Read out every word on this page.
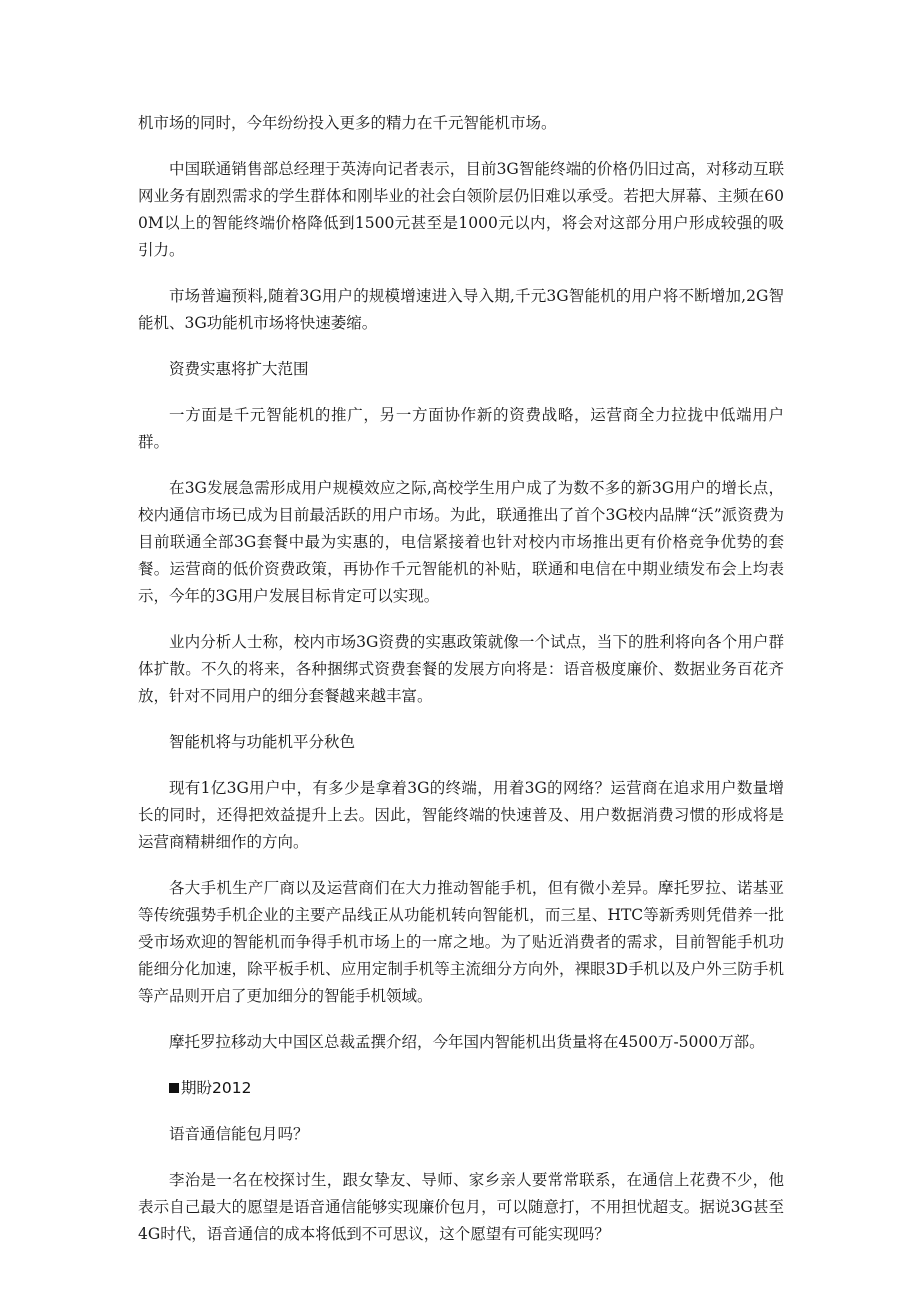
机市场的同时，今年纷纷投入更多的精力在千元智能机市场。

中国联通销售部总经理于英涛向记者表示，目前3G智能终端的价格仍旧过高，对移动互联网业务有剧烈需求的学生群体和刚毕业的社会白领阶层仍旧难以承受。若把大屏幕、主频在600M以上的智能终端价格降低到1500元甚至是1000元以内，将会对这部分用户形成较强的吸引力。

市场普遍预料,随着3G用户的规模增速进入导入期,千元3G智能机的用户将不断增加,2G智能机、3G功能机市场将快速萎缩。

资费实惠将扩大范围

一方面是千元智能机的推广，另一方面协作新的资费战略，运营商全力拉拢中低端用户群。

在3G发展急需形成用户规模效应之际,高校学生用户成了为数不多的新3G用户的增长点，校内通信市场已成为目前最活跃的用户市场。为此，联通推出了首个3G校内品牌“沃”派资费为目前联通全部3G套餐中最为实惠的，电信紧接着也针对校内市场推出更有价格竞争优势的套餐。运营商的低价资费政策，再协作千元智能机的补贴，联通和电信在中期业绩发布会上均表示，今年的3G用户发展目标肯定可以实现。

业内分析人士称，校内市场3G资费的实惠政策就像一个试点，当下的胜利将向各个用户群体扩散。不久的将来，各种捆绑式资费套餐的发展方向将是：语音极度廉价、数据业务百花齐放，针对不同用户的细分套餐越来越丰富。

智能机将与功能机平分秋色

现有1亿3G用户中，有多少是拿着3G的终端，用着3G的网络？运营商在追求用户数量增长的同时，还得把效益提升上去。因此，智能终端的快速普及、用户数据消费习惯的形成将是运营商精耕细作的方向。

各大手机生产厂商以及运营商们在大力推动智能手机，但有微小差异。摩托罗拉、诺基亚等传统强势手机企业的主要产品线正从功能机转向智能机，而三星、HTC等新秀则凭借养一批受市场欢迎的智能机而争得手机市场上的一席之地。为了贴近消费者的需求，目前智能手机功能细分化加速，除平板手机、应用定制手机等主流细分方向外，裸眼3D手机以及户外三防手机等产品则开启了更加细分的智能手机领域。

摩托罗拉移动大中国区总裁孟撰介绍，今年国内智能机出货量将在4500万-5000万部。

期盼2012

语音通信能包月吗？

李治是一名在校探讨生，跟女挚友、导师、家乡亲人要常常联系，在通信上花费不少，他表示自己最大的愿望是语音通信能够实现廉价包月，可以随意打，不用担忧超支。据说3G甚至4G时代，语音通信的成本将低到不可思议，这个愿望有可能实现吗？
